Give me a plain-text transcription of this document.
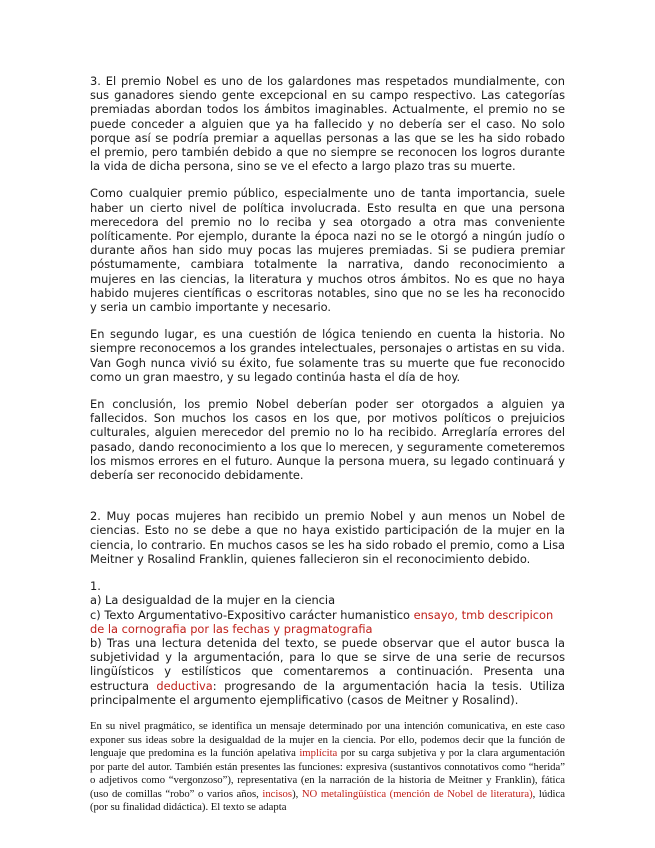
3. El premio Nobel es uno de los galardones mas respetados mundialmente, con sus ganadores siendo gente excepcional en su campo respectivo. Las categorías premiadas abordan todos los ámbitos imaginables. Actualmente, el premio no se puede conceder a alguien que ya ha fallecido y no debería ser el caso. No solo porque así se podría premiar a aquellas personas a las que se les ha sido robado el premio, pero también debido a que no siempre se reconocen los logros durante la vida de dicha persona, sino se ve el efecto a largo plazo tras su muerte.

Como cualquier premio público, especialmente uno de tanta importancia, suele haber un cierto nivel de política involucrada. Esto resulta en que una persona merecedora del premio no lo reciba y sea otorgado a otra mas conveniente políticamente. Por ejemplo, durante la época nazi no se le otorgó a ningún judío o durante años han sido muy pocas las mujeres premiadas. Si se pudiera premiar póstumamente, cambiara totalmente la narrativa, dando reconocimiento a mujeres en las ciencias, la literatura y muchos otros ámbitos. No es que no haya habido mujeres científicas o escritoras notables, sino que no se les ha reconocido y seria un cambio importante y necesario.

En segundo lugar, es una cuestión de lógica teniendo en cuenta la historia. No siempre reconocemos a los grandes intelectuales, personajes o artistas en su vida. Van Gogh nunca vivió su éxito, fue solamente tras su muerte que fue reconocido como un gran maestro, y su legado continúa hasta el día de hoy.

En conclusión, los premio Nobel deberían poder ser otorgados a alguien ya fallecidos. Son muchos los casos en los que, por motivos políticos o prejuicios culturales, alguien merecedor del premio no lo ha recibido. Arreglaría errores del pasado, dando reconocimiento a los que lo merecen, y seguramente cometeremos los mismos errores en el futuro. Aunque la persona muera, su legado continuará y debería ser reconocido debidamente.

2. Muy pocas mujeres han recibido un premio Nobel y aun menos un Nobel de ciencias. Esto no se debe a que no haya existido participación de la mujer en la ciencia, lo contrario. En muchos casos se les ha sido robado el premio, como a Lisa Meitner y Rosalind Franklin, quienes fallecieron sin el reconocimiento debido.

1.

a) La desigualdad de la mujer en la ciencia

c) Texto Argumentativo-Expositivo carácter humanistico ensayo, tmb descripicon
de la cornografia por las fechas y pragmatografia

b) Tras una lectura detenida del texto, se puede observar que el autor busca la subjetividad y la argumentación, para lo que se sirve de una serie de recursos lingüísticos y estilísticos que comentaremos a continuación. Presenta una estructura deductiva: progresando de la argumentación hacia la tesis. Utiliza principalmente el argumento ejemplificativo (casos de Meitner y Rosalind).

En su nivel pragmático, se identifica un mensaje determinado por una intención comunicativa, en este caso exponer sus ideas sobre la desigualdad de la mujer en la ciencia. Por ello, podemos decir que la función de lenguaje que predomina es la función apelativa implícita por su carga subjetiva y por la clara argumentación por parte del autor. También están presentes las funciones: expresiva (sustantivos connotativos como “herida” o adjetivos como “vergonzoso”), representativa (en la narración de la historia de Meitner y Franklin), fática (uso de comillas “robo” o varios años, incisos), NO metalingüística (mención de Nobel de literatura), lúdica (por su finalidad didáctica). El texto se adapta
